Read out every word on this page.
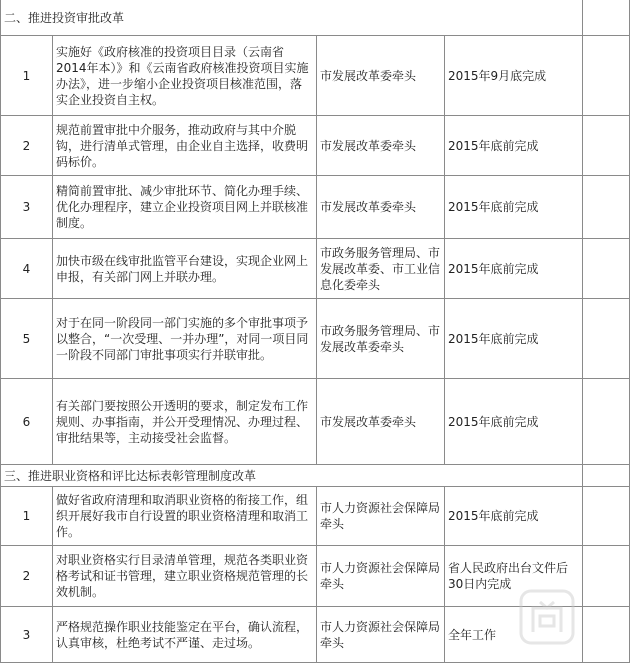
二、推进投资审批改革				
1	实施好《政府核准的投资项目目录（云南省2014年本）》和《云南省政府核准投资项目实施办法》，进一步缩小企业投资项目核准范围，落实企业投资自主权。	市发展改革委牵头	2015年9月底完成	
2	规范前置审批中介服务，推动政府与其中介脱钩，进行清单式管理，由企业自主选择，收费明码标价。	市发展改革委牵头	2015年底前完成	
3	精简前置审批、减少审批环节、简化办理手续、优化办理程序，建立企业投资项目网上并联核准制度。	市发展改革委牵头	2015年底前完成	
4	加快市级在线审批监管平台建设，实现企业网上申报，有关部门网上并联办理。	市政务服务管理局、市发展改革委、市工业信息化委牵头	2015年底前完成	
5	对于在同一阶段同一部门实施的多个审批事项予以整合，“一次受理、一并办理”，对同一项目同一阶段不同部门审批事项实行并联审批。	市政务服务管理局、市发展改革委牵头	2015年底前完成	
6	有关部门要按照公开透明的要求，制定发布工作规则、办事指南，并公开受理情况、办理过程、审批结果等，主动接受社会监督。	市发展改革委牵头	2015年底前完成	
三、推进职业资格和评比达标表彰管理制度改革				
1	做好省政府清理和取消职业资格的衔接工作，组织开展好我市自行设置的职业资格清理和取消工作。	市人力资源社会保障局牵头	2015年底前完成	
2	对职业资格实行目录清单管理，规范各类职业资格考试和证书管理，建立职业资格规范管理的长效机制。	市人力资源社会保障局牵头	省人民政府出台文件后30日内完成	
3	严格规范操作职业技能鉴定在平台，确认流程，认真审核，杜绝考试不严谨、走过场。	市人力资源社会保障局牵头	全年工作	
